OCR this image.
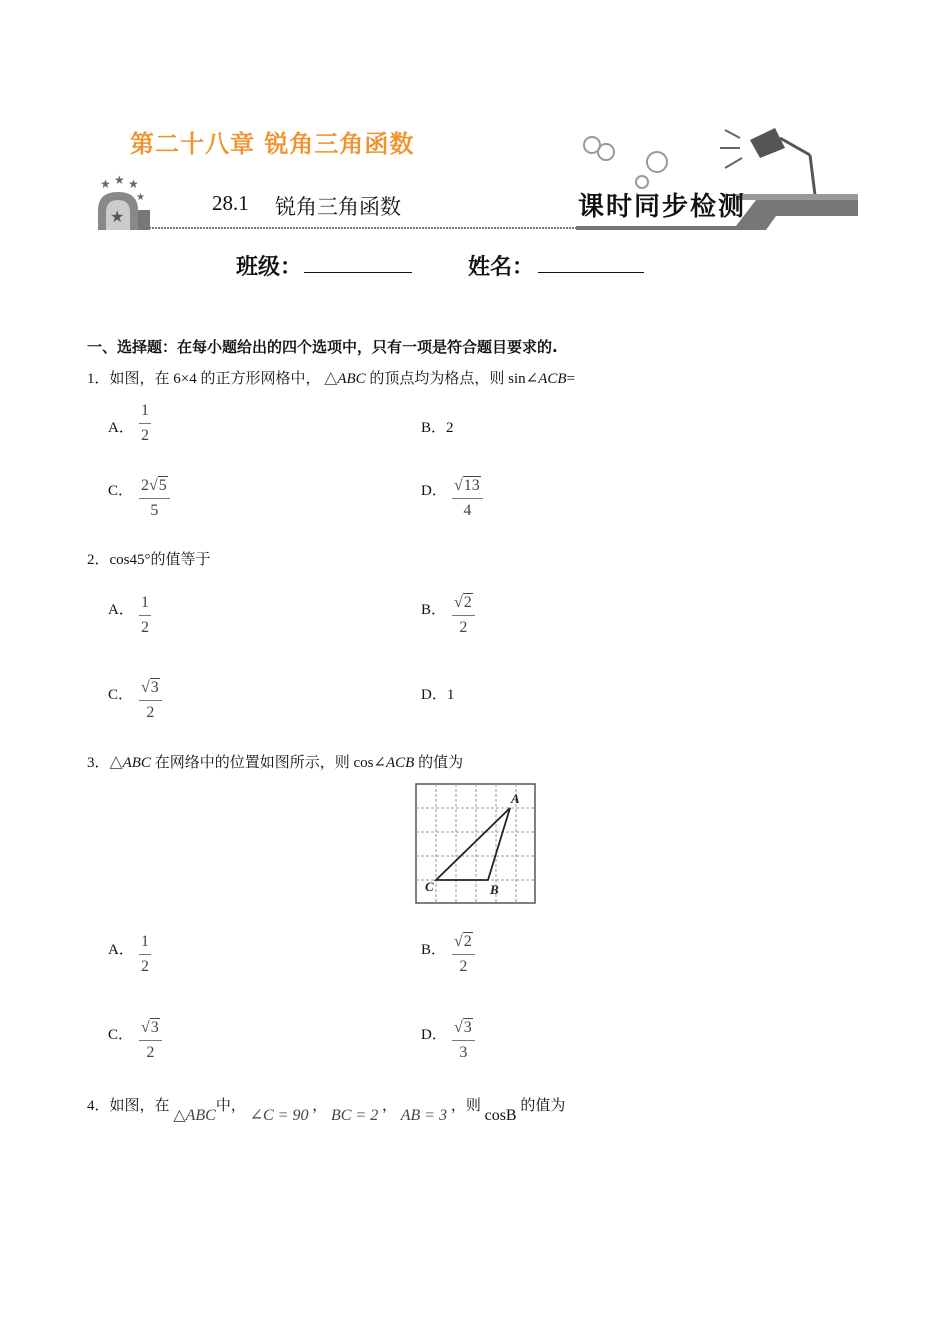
第二十八章 锐角三角函数
★ ★ ★
★
★
28.1 锐角三角函数	课时同步检测
班级：	姓名：
一、选择题：在每小题给出的四个选项中，只有一项是符合题目要求的.
1．如图，在 6×4 的正方形网格中， △ABC 的顶点均为格点，则 sin∠ACB=
A．
1
2	B．2
C． 2√5
5
D． √13
4
2．cos45°的值等于
A． 1
2
B． √2
2
C． √3
2
D．1
3．△ABC 在网络中的位置如图所示，则 cos∠ACB 的值为
A
B
C
A． 1
2
B． √2
2
C． √3
2
D． √3
3
4．如图，在 △ABC中， ∠C = 90 ， BC = 2 ， AB = 3 ，则 cosB 的值为
